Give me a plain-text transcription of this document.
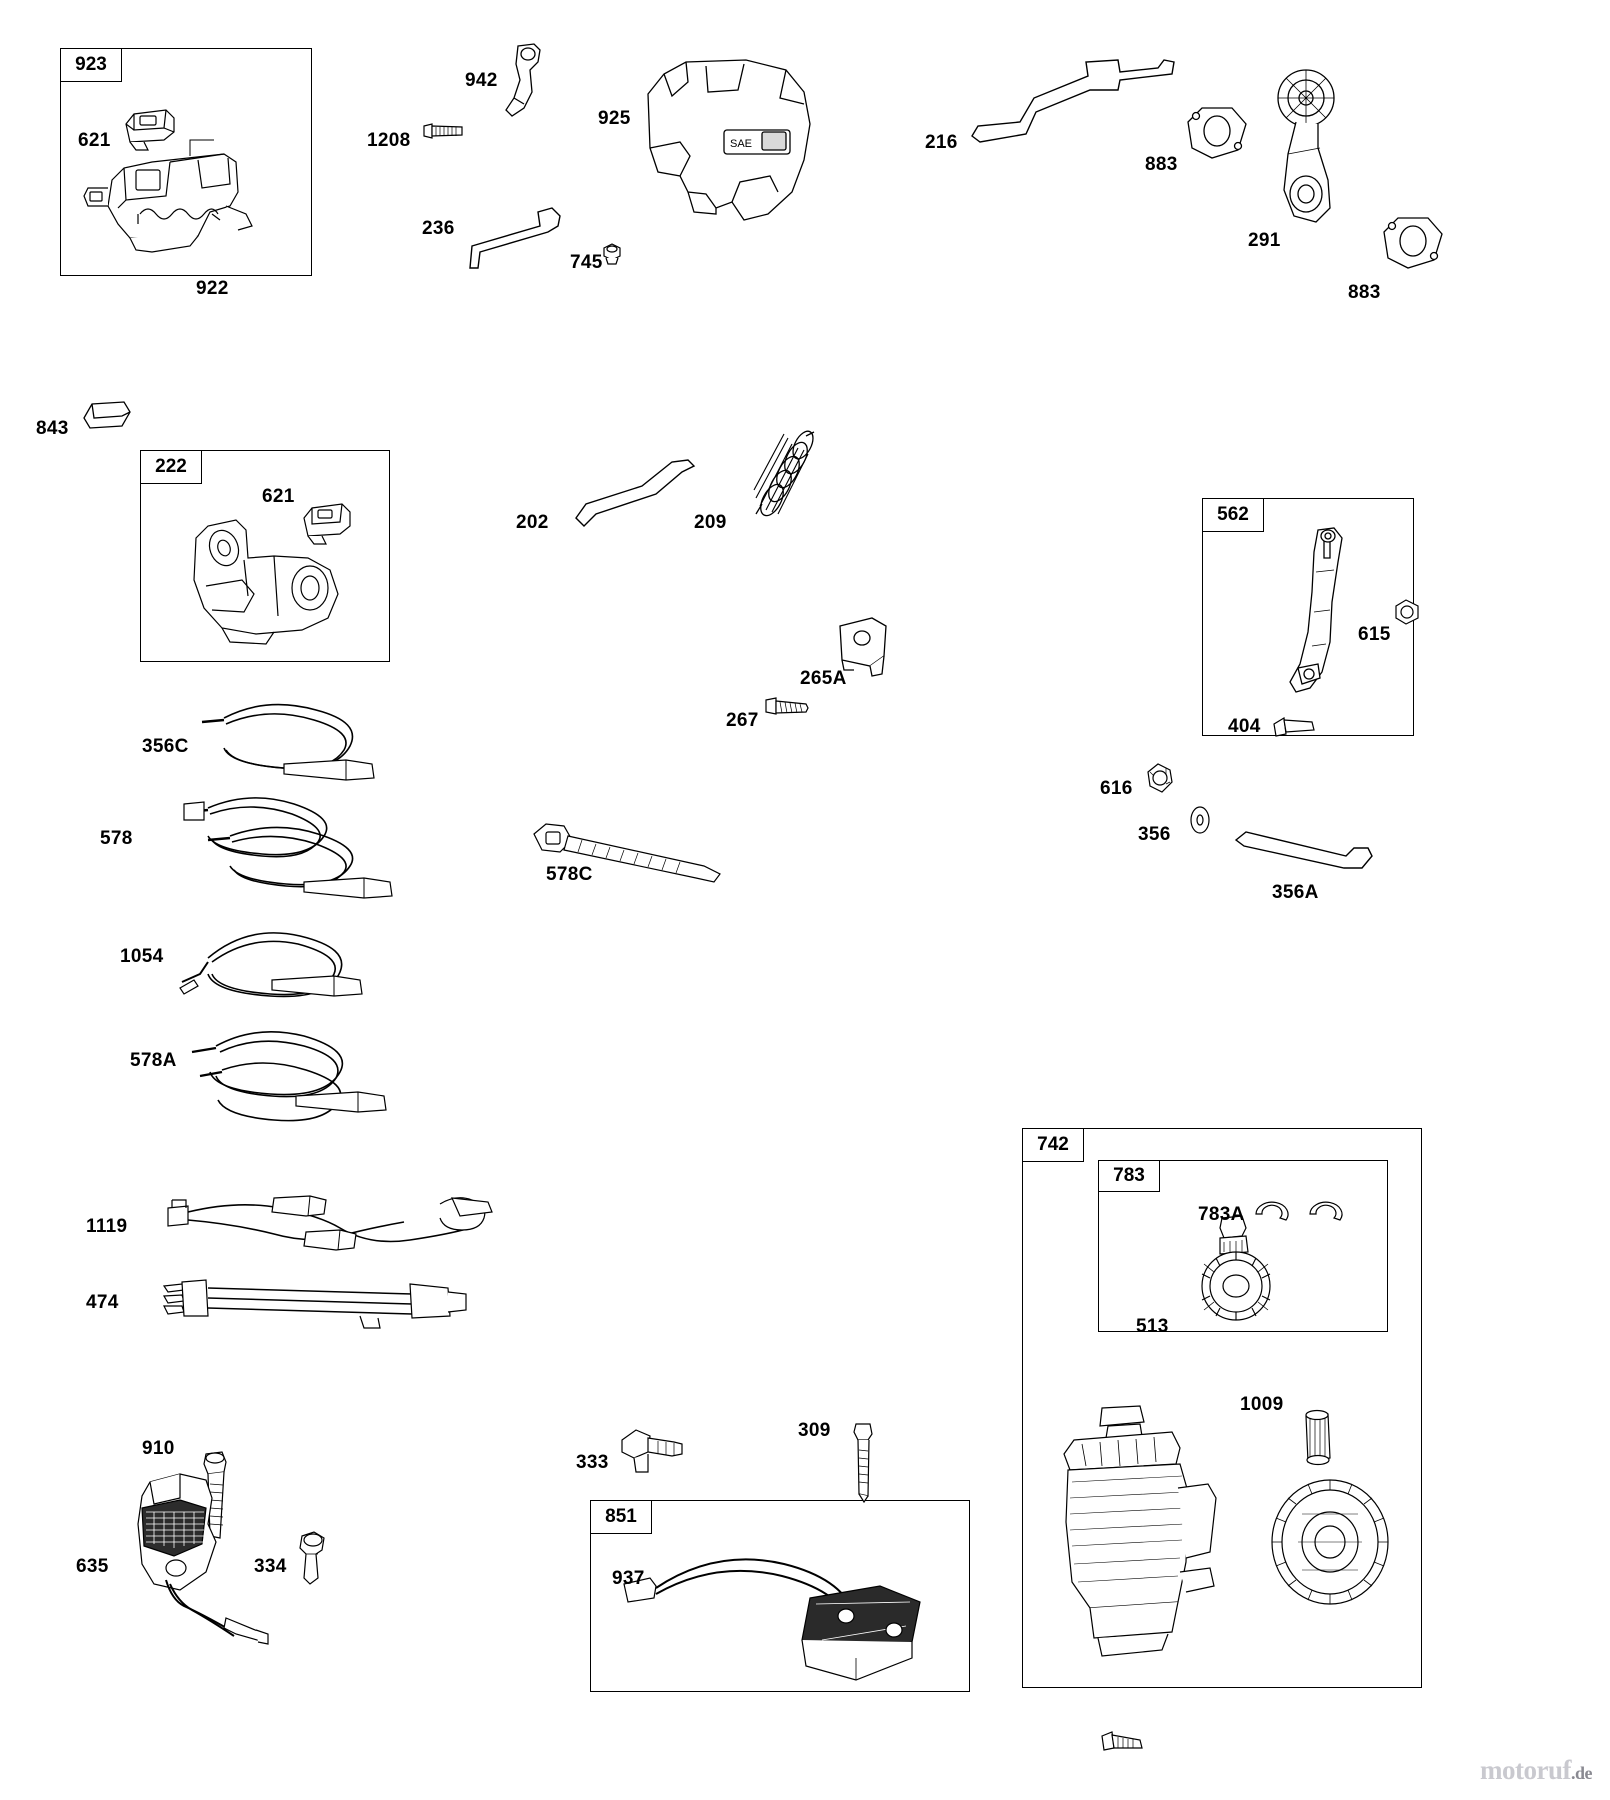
923
222
562
742
783
851
SAE
621
922
942
1208
236
745
925
216
883
291
883
843
621
202	209
265A
267
615
404
616
356
356A
356C
578
1054
578A
578C
1119
474
910
635	334
333
309
937
783A
513
1009
motoruf.de
